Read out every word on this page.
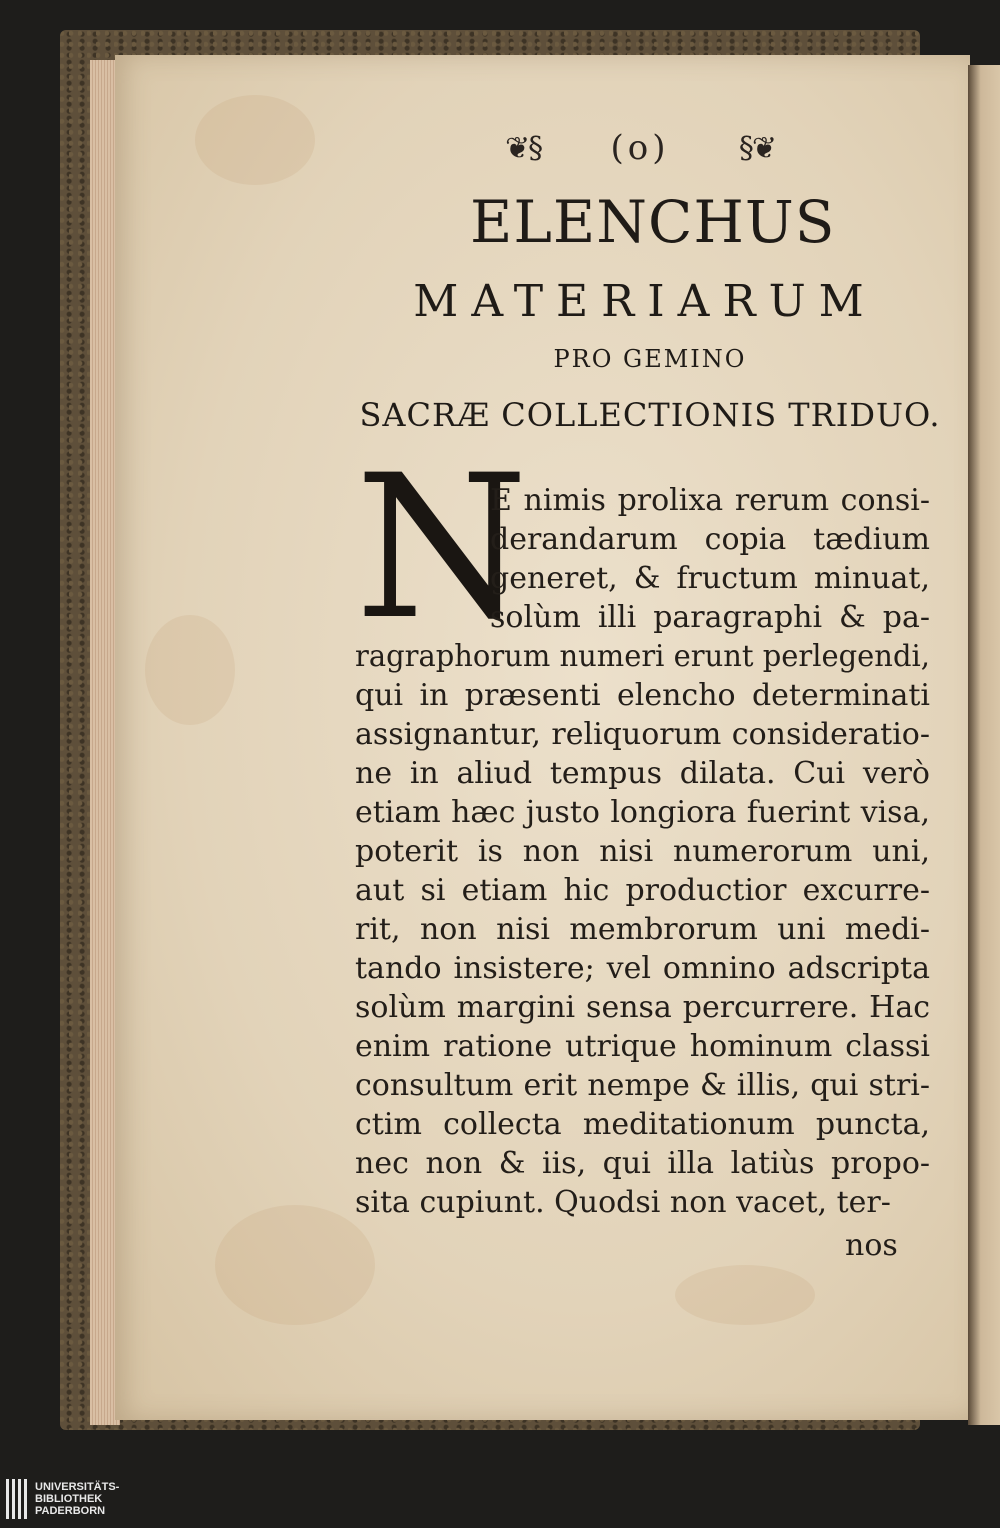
❦§ (o) §❦
ELENCHUS
MATERIARUM
PRO GEMINO
SACRÆ COLLECTIONIS TRIDUO.
N
E nimis prolixa rerum consi-
derandarum copia tædium
generet, & fructum minuat,
solùm illi paragraphi & pa-
ragraphorum numeri erunt perlegendi,
qui in præsenti elencho determinati
assignantur, reliquorum consideratio-
ne in aliud tempus dilata. Cui verò
etiam hæc justo longiora fuerint visa,
poterit is non nisi numerorum uni,
aut si etiam hic productior excurre-
rit, non nisi membrorum uni medi-
tando insistere; vel omnino adscripta
solùm margini sensa percurrere. Hac
enim ratione utrique hominum classi
consultum erit nempe & illis, qui stri-
ctim collecta meditationum puncta,
nec non & iis, qui illa latiùs propo-
sita cupiunt. Quodsi non vacet, ter-
nos
UNIVERSITÄTS-
BIBLIOTHEK
PADERBORN
